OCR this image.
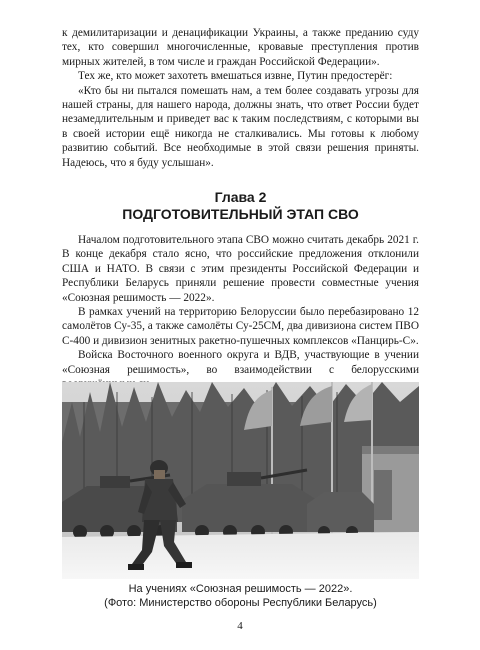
к демилитаризации и денацификации Украины, а также преданию суду тех, кто совершил многочисленные, кровавые преступления против мирных жителей, в том числе и граждан Российской Федерации».

Тех же, кто может захотеть вмешаться извне, Путин предостерёг:

«Кто бы ни пытался помешать нам, а тем более создавать угрозы для нашей страны, для нашего народа, должны знать, что ответ России будет незамедлительным и приведет вас к таким последствиям, с которыми вы в своей истории ещё никогда не сталкивались. Мы готовы к любому развитию событий. Все необходимые в этой связи решения приняты. Надеюсь, что я буду услышан».

Глава 2
ПОДГОТОВИТЕЛЬНЫЙ ЭТАП СВО

Началом подготовительного этапа СВО можно считать декабрь 2021 г. В конце декабря стало ясно, что российские предложения отклонили США и НАТО. В связи с этим президенты Российской Федерации и Республики Беларусь приняли решение провести совместные учения «Союзная решимость — 2022».

В рамках учений на территорию Белоруссии было перебазировано 12 самолётов Су-35, а также самолёты Су-25СМ, два дивизиона систем ПВО С-400 и дивизион зенитных ракетно-пушечных комплексов «Панцирь-С».

Войска Восточного военного округа и ВДВ, участвующие в учении «Союзная решимость», во взаимодействии с белорусскими

На учениях «Союзная решимость — 2022».
(Фото: Министерство обороны Республики Беларусь)
4
